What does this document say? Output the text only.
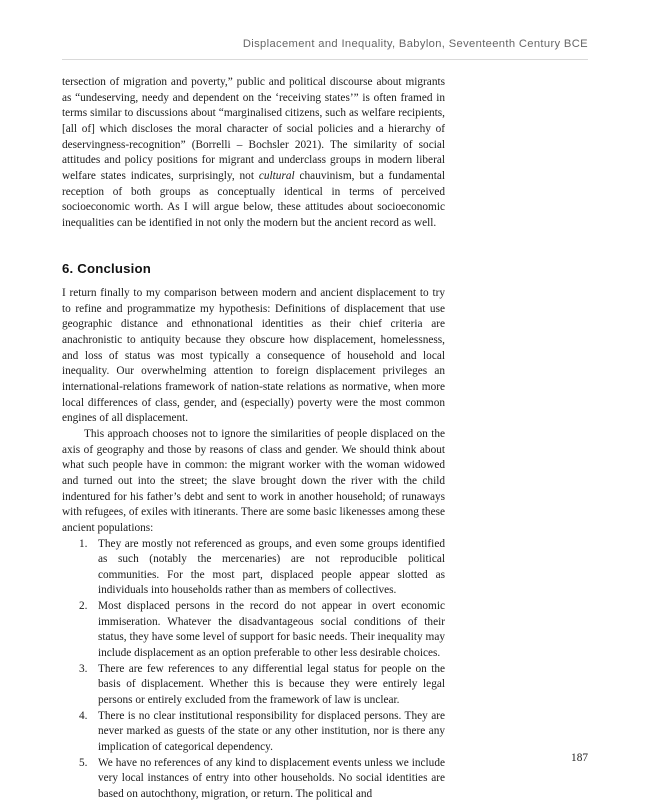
Displacement and Inequality, Babylon, Seventeenth Century BCE

tersection of migration and poverty,” public and political discourse about migrants as “undeserving, needy and dependent on the ‘receiving states’” is often framed in terms similar to discussions about “marginalised citizens, such as welfare recipients, [all of] which discloses the moral character of social policies and a hierarchy of deservingness-recognition” (Borrelli – Bochsler 2021). The similarity of social attitudes and policy positions for migrant and underclass groups in modern liberal welfare states indicates, surprisingly, not cultural chauvinism, but a fundamental reception of both groups as conceptually identical in terms of perceived socioeconomic worth. As I will argue below, these attitudes about socioeconomic inequalities can be identified in not only the modern but the ancient record as well.

6. Conclusion

I return finally to my comparison between modern and ancient displacement to try to refine and programmatize my hypothesis: Definitions of displacement that use geographic distance and ethnonational identities as their chief criteria are anachronistic to antiquity because they obscure how displacement, homelessness, and loss of status was most typically a consequence of household and local inequality. Our overwhelming attention to foreign displacement privileges an international-relations framework of nation-state relations as normative, when more local differences of class, gender, and (especially) poverty were the most common engines of all displacement.

This approach chooses not to ignore the similarities of people displaced on the axis of geography and those by reasons of class and gender. We should think about what such people have in common: the migrant worker with the woman widowed and turned out into the street; the slave brought down the river with the child indentured for his father’s debt and sent to work in another household; of runaways with refugees, of exiles with itinerants. There are some basic likenesses among these ancient populations:

1. They are mostly not referenced as groups, and even some groups identified as such (notably the mercenaries) are not reproducible political communities. For the most part, displaced people appear slotted as individuals into households rather than as members of collectives.
2. Most displaced persons in the record do not appear in overt economic immiseration. Whatever the disadvantageous social conditions of their status, they have some level of support for basic needs. Their inequality may include displacement as an option preferable to other less desirable choices.
3. There are few references to any differential legal status for people on the basis of displacement. Whether this is because they were entirely legal persons or entirely excluded from the framework of law is unclear.
4. There is no clear institutional responsibility for displaced persons. They are never marked as guests of the state or any other institution, nor is there any implication of categorical dependency.
5. We have no references of any kind to displacement events unless we include very local instances of entry into other households. No social identities are based on autochthony, migration, or return. The political and
187
